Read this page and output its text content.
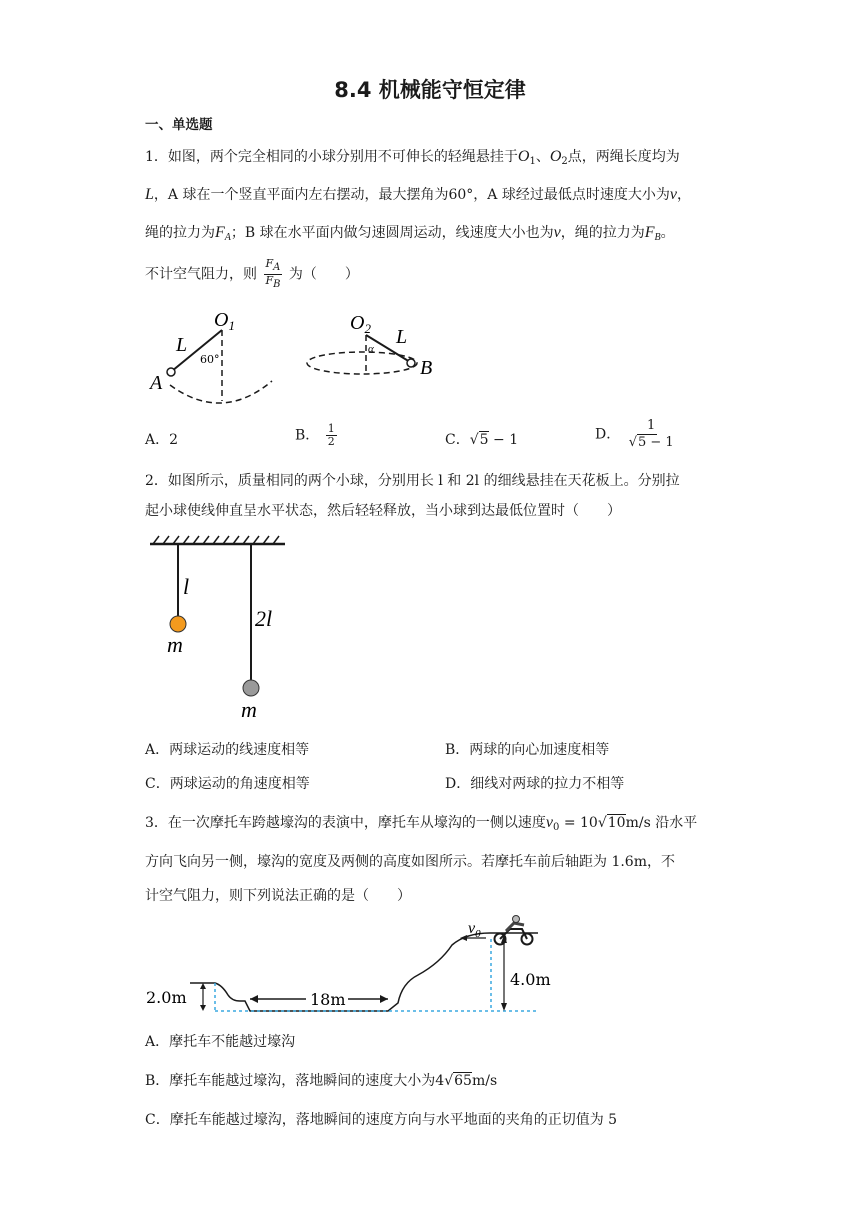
8.4 机械能守恒定律
一、单选题
1．如图，两个完全相同的小球分别用不可伸长的轻绳悬挂于$O_1$、$O_2$点，两绳长度均为
L，A 球在一个竖直平面内左右摆动，最大摆角为60°，A 球经过最低点时速度大小为v，
绳的拉力为$F_A$；B 球在水平面内做匀速圆周运动，线速度大小也为v，绳的拉力为$F_B$。
不计空气阻力，则 $\frac{FA}{FB}$ 为（　　）
$O_1$
L
60°
A
$O_2$ L
α
B
A．2	B． $\frac{1}{2}$	C．√5 − 1	D． $\frac{1}{√5 - 1}$
2．如图所示，质量相同的两个小球，分别用长 l 和 2l 的细线悬挂在天花板上。分别拉
起小球使线伸直呈水平状态，然后轻轻释放，当小球到达最低位置时（　　）
l
m
2l
m
A．两球运动的线速度相等	B．两球的向心加速度相等
C．两球运动的角速度相等	D．细线对两球的拉力不相等
3．在一次摩托车跨越壕沟的表演中，摩托车从壕沟的一侧以速度$v_0 = 10√10m/s$ 沿水平
方向飞向另一侧，壕沟的宽度及两侧的高度如图所示。若摩托车前后轴距为 1.6m，不
计空气阻力，则下列说法正确的是（　　）
2.0m	18m
4.0m
$v_0$
A．摩托车不能越过壕沟
B．摩托车能越过壕沟，落地瞬间的速度大小为4√65m/s
C．摩托车能越过壕沟，落地瞬间的速度方向与水平地面的夹角的正切值为 5
